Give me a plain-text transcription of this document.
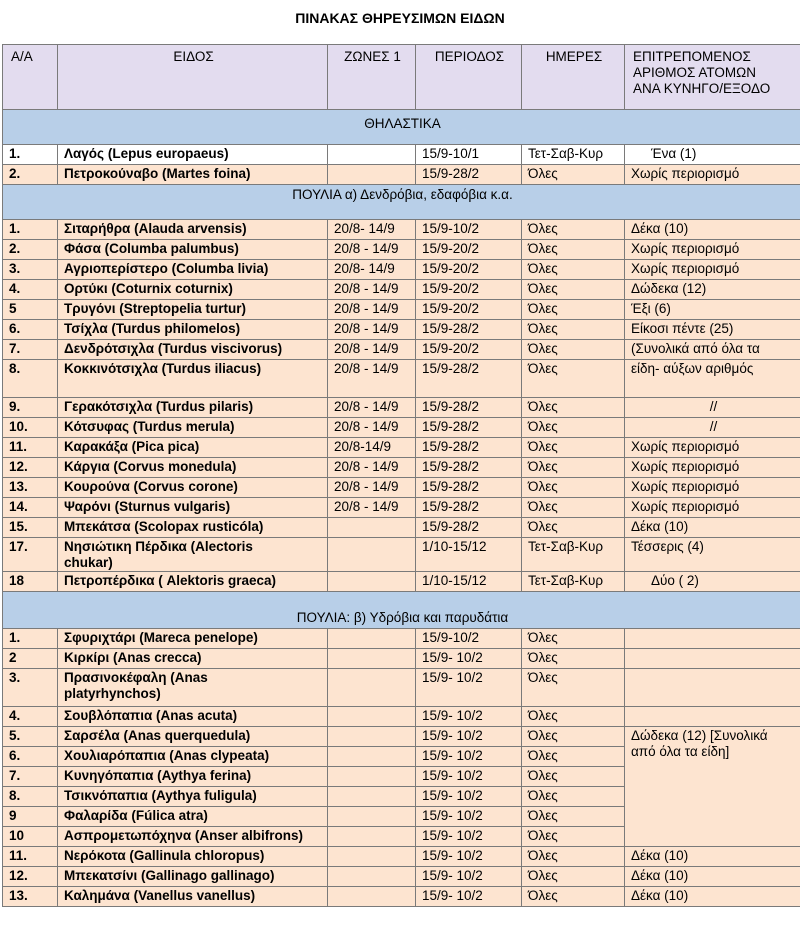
ΠΙΝΑΚΑΣ ΘΗΡΕΥΣΙΜΩΝ ΕΙΔΩΝ
Α/Α	ΕΙΔΟΣ	ΖΩΝΕΣ 1	ΠΕΡΙΟΔΟΣ	ΗΜΕΡΕΣ	ΕΠΙΤΡΕΠΟΜΕΝΟΣ
ΑΡΙΘΜΟΣ ΑΤΟΜΩΝ
ΑΝΑ ΚΥΝΗΓΟ/ΕΞΟΔΟ

ΘΗΛΑΣΤΙΚΑ					
1.	Λαγός (Lepus europaeus)		15/9-10/1	Τετ-Σαβ-Κυρ	Ένα (1)
2.	Πετροκούναβο (Martes foina)		15/9-28/2	Όλες	Χωρίς περιορισμό
ΠΟΥΛΙΑ α) Δενδρόβια, εδαφόβια κ.α.					
1.	Σιταρήθρα (Alauda arvensis)	20/8- 14/9	15/9-10/2	Όλες	Δέκα (10)
2.	Φάσα (Columba palumbus)	20/8 - 14/9	15/9-20/2	Όλες	Χωρίς περιορισμό
3.	Αγριοπερίστερο (Columba livia)	20/8- 14/9	15/9-20/2	Όλες	Χωρίς περιορισμό
4.	Ορτύκι (Coturnix coturnix)	20/8 - 14/9	15/9-20/2	Όλες	Δώδεκα (12)
5	Τρυγόνι (Streptopelia turtur)	20/8 - 14/9	15/9-20/2	Όλες	Έξι (6)
6.	Τσίχλα (Turdus philomelos)	20/8 - 14/9	15/9-28/2	Όλες	Είκοσι πέντε (25)
7.	Δενδρότσιχλα (Turdus viscivorus)	20/8 - 14/9	15/9-20/2	Όλες	(Συνολικά από όλα τα
8.	Κοκκινότσιχλα (Turdus iliacus)	20/8 - 14/9	15/9-28/2	Όλες	είδη- αύξων αριθμός
9.	Γερακότσιχλα (Turdus pilaris)	20/8 - 14/9	15/9-28/2	Όλες	//
10.	Κότσυφας (Turdus merula)	20/8 - 14/9	15/9-28/2	Όλες	//
11.	Καρακάξα (Pica pica)	20/8-14/9	15/9-28/2	Όλες	Χωρίς περιορισμό
12.	Κάργια (Corvus monedula)	20/8 - 14/9	15/9-28/2	Όλες	Χωρίς περιορισμό
13.	Κουρούνα (Corvus corone)	20/8 - 14/9	15/9-28/2	Όλες	Χωρίς περιορισμό
14.	Ψαρόνι (Sturnus vulgaris)	20/8 - 14/9	15/9-28/2	Όλες	Χωρίς περιορισμό
15.	Μπεκάτσα (Scolopax rusticóla)		15/9-28/2	Όλες	Δέκα (10)
17.	Νησιώτικη Πέρδικα (Alectoris
chukar)		1/10-15/12	Τετ-Σαβ-Κυρ	Τέσσερις (4)
18	Πετροπέρδικα ( Alektoris graeca)		1/10-15/12	Τετ-Σαβ-Κυρ	Δύο ( 2)
ΠΟΥΛΙΑ: β) Υδρόβια και παρυδάτια					
1.	Σφυριχτάρι (Mareca penelope)		15/9-10/2	Όλες	
2	Κιρκίρι (Anas crecca)		15/9- 10/2	Όλες	
3.	Πρασινοκέφαλη (Anas
platyrhynchos)		15/9- 10/2	Όλες	
4.	Σουβλόπαπια (Anas acuta)		15/9- 10/2	Όλες	
5.	Σαρσέλα (Anas querquedula)		15/9- 10/2	Όλες	Δώδεκα (12) [Συνολικά
από όλα τα είδη]

6.	Χουλιαρόπαπια (Anas clypeata)		15/9- 10/2	Όλες	
7.	Κυνηγόπαπια (Aythya ferina)		15/9- 10/2	Όλες	
8.	Τσικνόπαπια (Aythya fuligula)		15/9- 10/2	Όλες	
9	Φαλαρίδα (Fúlica atra)		15/9- 10/2	Όλες	
10	Ασπρομετωπόχηνα (Anser albifrons)		15/9- 10/2	Όλες	
11.	Νερόκοτα (Gallinula chloropus)		15/9- 10/2	Όλες	Δέκα (10)
12.	Μπεκατσίνι (Gallinago gallinago)		15/9- 10/2	Όλες	Δέκα (10)
13.	Καλημάνα (Vanellus vanellus)		15/9- 10/2	Όλες	Δέκα (10)
